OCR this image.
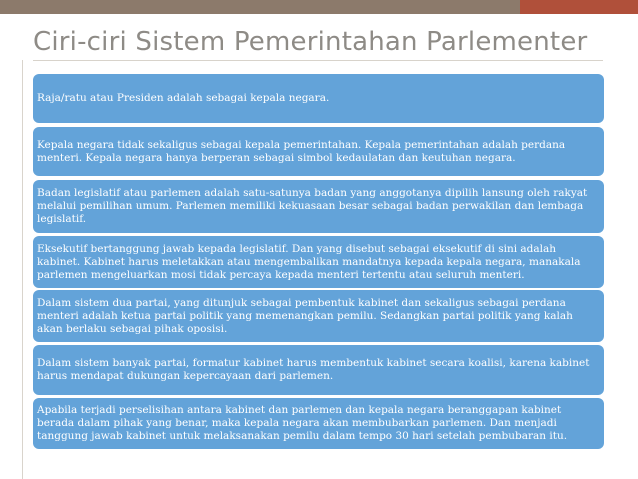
Ciri-ciri Sistem Pemerintahan Parlementer
Raja/ratu atau Presiden adalah sebagai kepala negara.
Kepala negara tidak sekaligus sebagai kepala pemerintahan. Kepala pemerintahan adalah perdana menteri. Kepala negara hanya berperan sebagai simbol kedaulatan dan keutuhan negara.
Badan legislatif atau parlemen adalah satu-satunya badan yang anggotanya dipilih lansung oleh rakyat melalui pemilihan umum. Parlemen memiliki kekuasaan besar sebagai badan perwakilan dan lembaga legislatif.
Eksekutif bertanggung jawab kepada legislatif. Dan yang disebut sebagai eksekutif di sini adalah kabinet. Kabinet harus meletakkan atau mengembalikan mandatnya kepada kepala negara, manakala parlemen mengeluarkan mosi tidak percaya kepada menteri tertentu atau seluruh menteri.
Dalam sistem dua partai, yang ditunjuk sebagai pembentuk kabinet dan sekaligus sebagai perdana menteri adalah ketua partai politik yang memenangkan pemilu. Sedangkan partai politik yang kalah akan berlaku sebagai pihak oposisi.
Dalam sistem banyak partai, formatur kabinet harus membentuk kabinet secara koalisi, karena kabinet harus mendapat dukungan kepercayaan dari parlemen.
Apabila terjadi perselisihan antara kabinet dan parlemen dan kepala negara beranggapan kabinet berada dalam pihak yang benar, maka kepala negara akan membubarkan parlemen. Dan menjadi tanggung jawab kabinet untuk melaksanakan pemilu dalam tempo 30 hari setelah pembubaran itu.
